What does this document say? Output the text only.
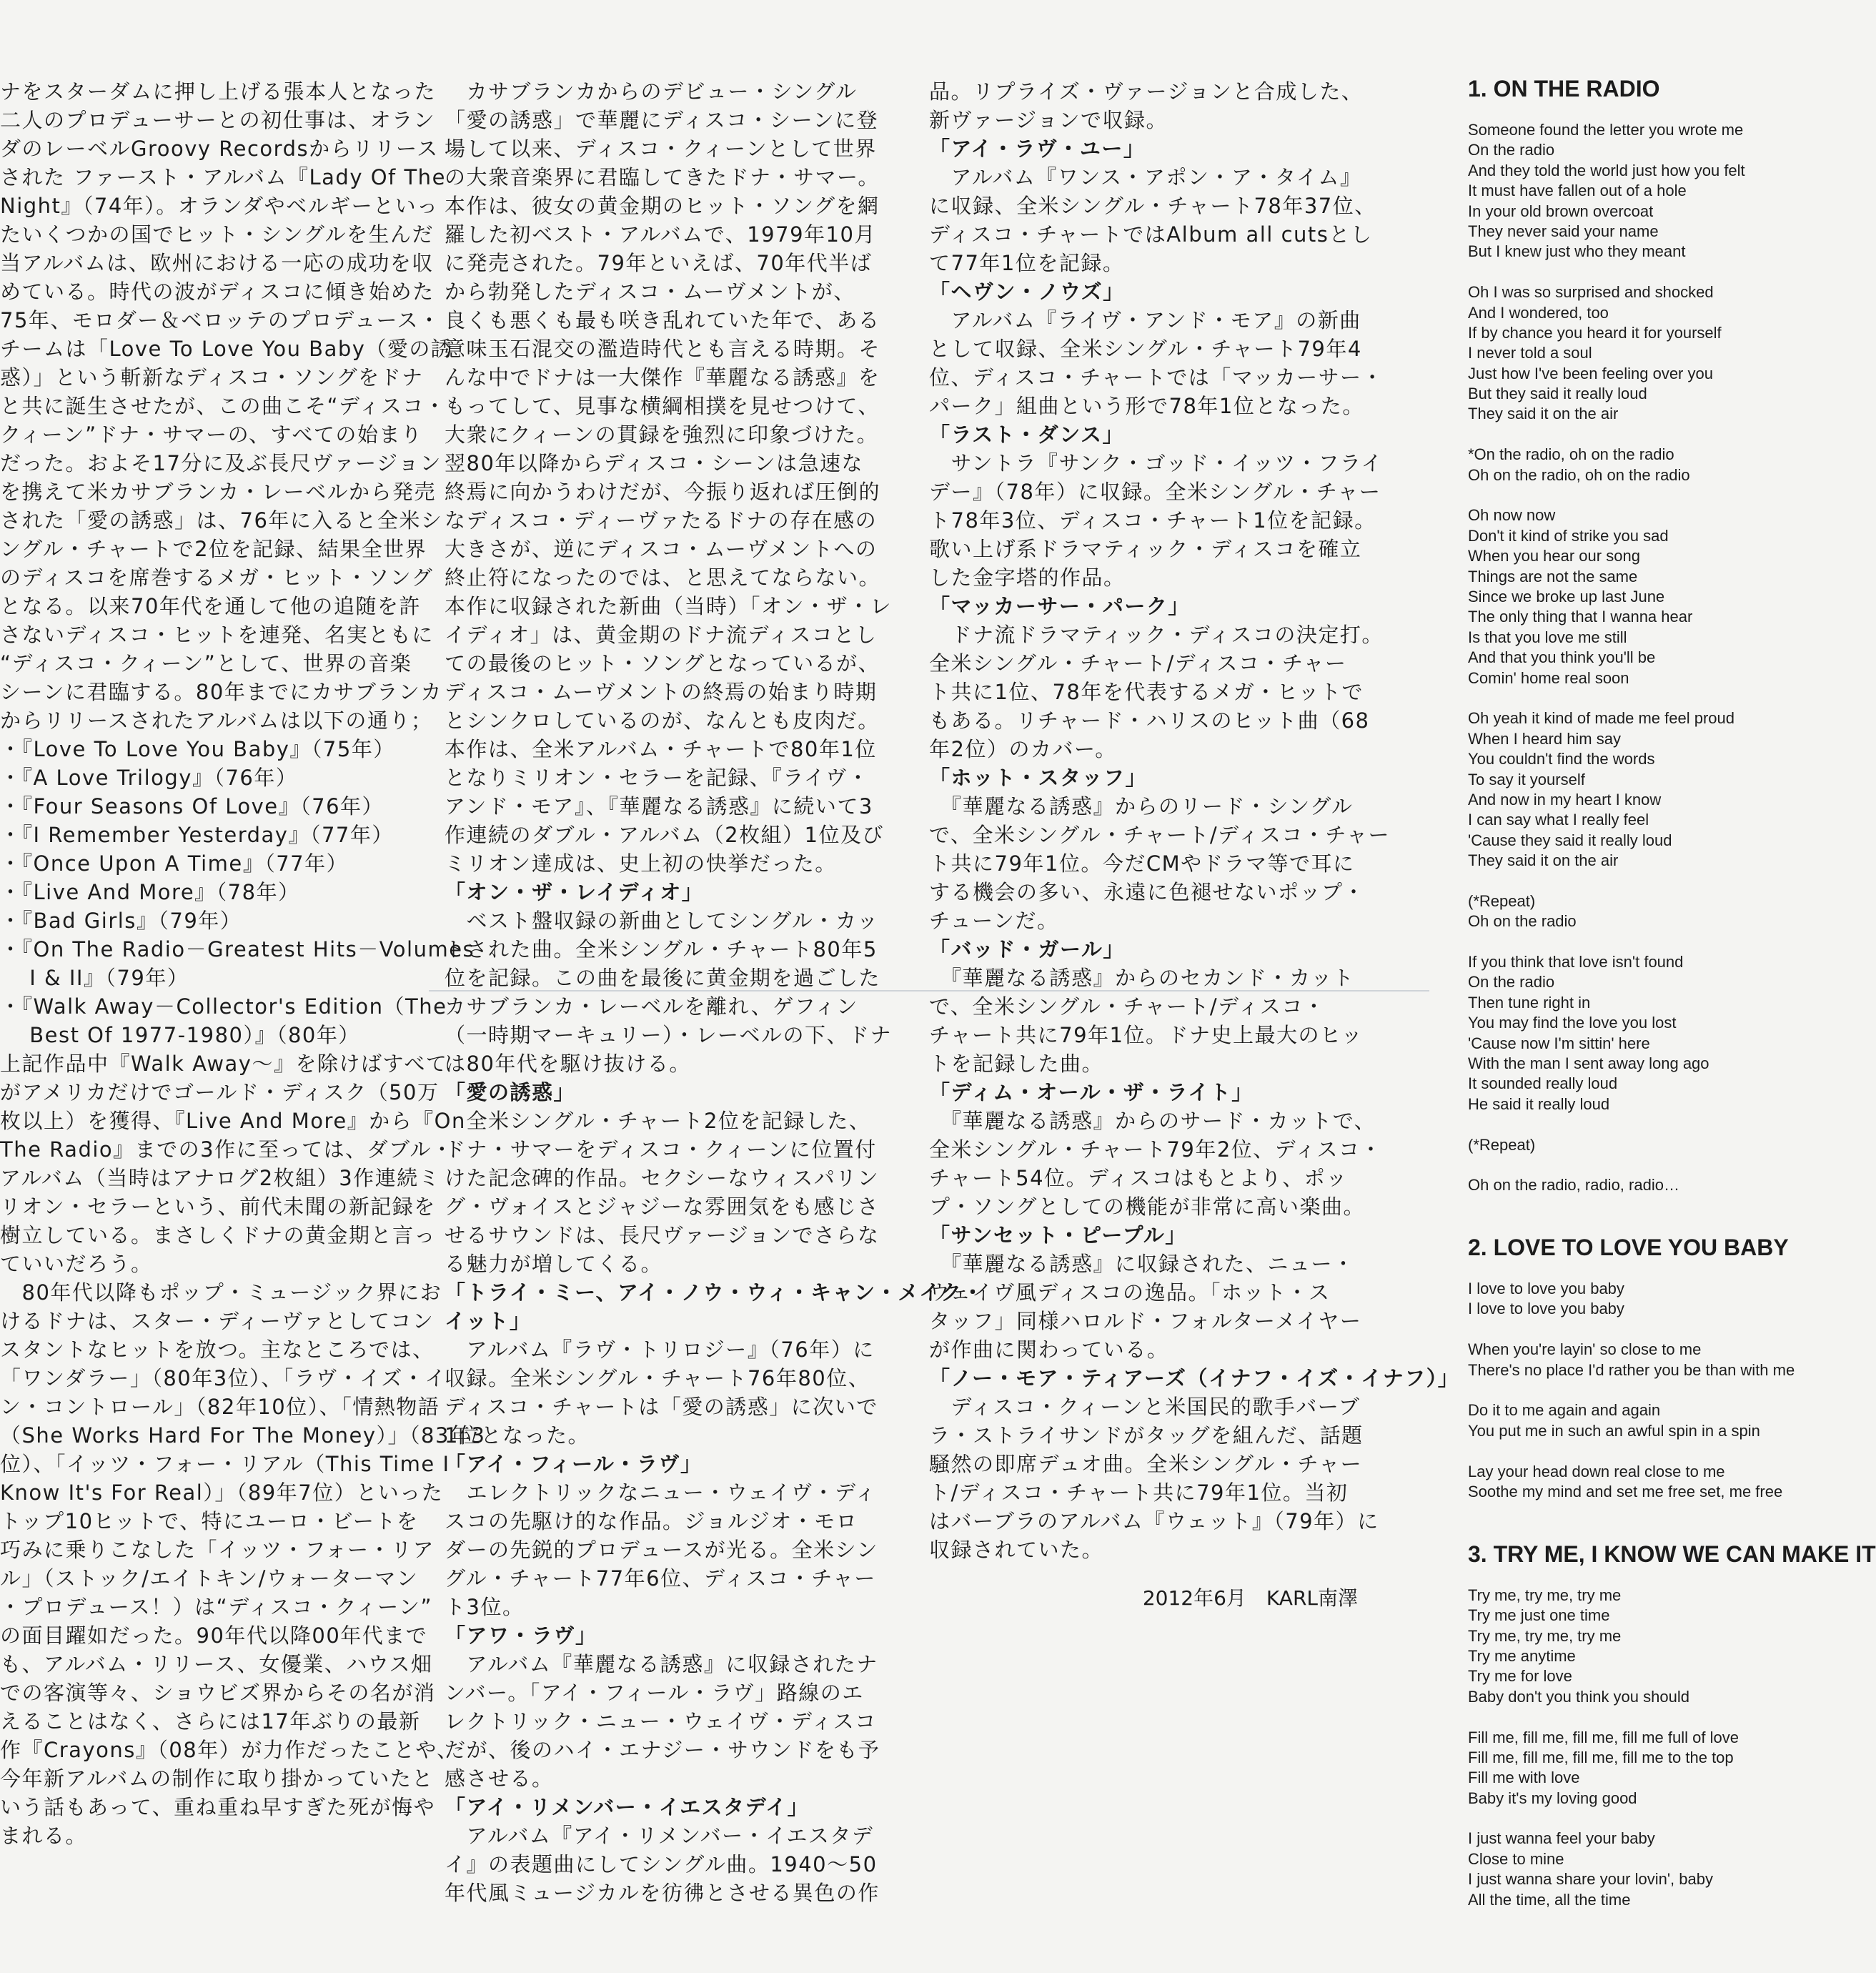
ナをスターダムに押し上げる張本人となった

二人のプロデューサーとの初仕事は、オラン

ダのレーベルGroovy Recordsからリリース

された ファースト・アルバム『Lady Of The

Night』（74年）。オランダやベルギーといっ

たいくつかの国でヒット・シングルを生んだ

当アルバムは、欧州における一応の成功を収

めている。時代の波がディスコに傾き始めた

75年、モロダー＆ベロッテのプロデュース・

チームは「Love To Love You Baby（愛の誘

惑）」という斬新なディスコ・ソングをドナ

と共に誕生させたが、この曲こそ“ディスコ・

クィーン”ドナ・サマーの、すべての始まり

だった。およそ17分に及ぶ長尺ヴァージョン

を携えて米カサブランカ・レーベルから発売

された「愛の誘惑」は、76年に入ると全米シ

ングル・チャートで2位を記録、結果全世界

のディスコを席巻するメガ・ヒット・ソング

となる。以来70年代を通して他の追随を許

さないディスコ・ヒットを連発、名実ともに

“ディスコ・クィーン”として、世界の音楽

シーンに君臨する。80年までにカサブランカ

からリリースされたアルバムは以下の通り；

・『Love To Love You Baby』（75年）

・『A Love Trilogy』（76年）

・『Four Seasons Of Love』（76年）

・『I Remember Yesterday』（77年）

・『Once Upon A Time』（77年）

・『Live And More』（78年）

・『Bad Girls』（79年）

・『On The Radio－Greatest Hits－Volumes

　 I & II』（79年）

・『Walk Away－Collector's Edition（The

　 Best Of 1977-1980）』（80年）

上記作品中『Walk Away～』を除けばすべて

がアメリカだけでゴールド・ディスク（50万

枚以上）を獲得、『Live And More』から『On

The Radio』までの3作に至っては、ダブル・

アルバム（当時はアナログ2枚組）3作連続ミ

リオン・セラーという、前代未聞の新記録を

樹立している。まさしくドナの黄金期と言っ

ていいだろう。

　80年代以降もポップ・ミュージック界にお

けるドナは、スター・ディーヴァとしてコン

スタントなヒットを放つ。主なところでは、

「ワンダラー」（80年3位）、「ラヴ・イズ・イ

ン・コントロール」（82年10位）、「情熱物語

（She Works Hard For The Money）」（83年3

位）、「イッツ・フォー・リアル（This Time I

Know It's For Real）」（89年7位）といった

トップ10ヒットで、特にユーロ・ビートを

巧みに乗りこなした「イッツ・フォー・リア

ル」（ストック/エイトキン/ウォーターマン

・プロデュース！）は“ディスコ・クィーン”

の面目躍如だった。90年代以降00年代まで

も、アルバム・リリース、女優業、ハウス畑

での客演等々、ショウビズ界からその名が消

えることはなく、さらには17年ぶりの最新

作『Crayons』（08年）が力作だったことや、

今年新アルバムの制作に取り掛かっていたと

いう話もあって、重ね重ね早すぎた死が悔や

まれる。

　カサブランカからのデビュー・シングル

「愛の誘惑」で華麗にディスコ・シーンに登

場して以来、ディスコ・クィーンとして世界

の大衆音楽界に君臨してきたドナ・サマー。

本作は、彼女の黄金期のヒット・ソングを網

羅した初ベスト・アルバムで、1979年10月

に発売された。79年といえば、70年代半ば

から勃発したディスコ・ムーヴメントが、

良くも悪くも最も咲き乱れていた年で、ある

意味玉石混交の濫造時代とも言える時期。そ

んな中でドナは一大傑作『華麗なる誘惑』を

もってして、見事な横綱相撲を見せつけて、

大衆にクィーンの貫録を強烈に印象づけた。

翌80年以降からディスコ・シーンは急速な

終焉に向かうわけだが、今振り返れば圧倒的

なディスコ・ディーヴァたるドナの存在感の

大きさが、逆にディスコ・ムーヴメントへの

終止符になったのでは、と思えてならない。

本作に収録された新曲（当時）「オン・ザ・レ

イディオ」は、黄金期のドナ流ディスコとし

ての最後のヒット・ソングとなっているが、

ディスコ・ムーヴメントの終焉の始まり時期

とシンクロしているのが、なんとも皮肉だ。

本作は、全米アルバム・チャートで80年1位

となりミリオン・セラーを記録、『ライヴ・

アンド・モア』、『華麗なる誘惑』に続いて3

作連続のダブル・アルバム（2枚組）1位及び

ミリオン達成は、史上初の快挙だった。

「オン・ザ・レイディオ」

　ベスト盤収録の新曲としてシングル・カッ

トされた曲。全米シングル・チャート80年5

位を記録。この曲を最後に黄金期を過ごした

カサブランカ・レーベルを離れ、ゲフィン

（一時期マーキュリー）・レーベルの下、ドナ

は80年代を駆け抜ける。

「愛の誘惑」

　全米シングル・チャート2位を記録した、

ドナ・サマーをディスコ・クィーンに位置付

けた記念碑的作品。セクシーなウィスパリン

グ・ヴォイスとジャジーな雰囲気をも感じさ

せるサウンドは、長尺ヴァージョンでさらな

る魅力が増してくる。

「トライ・ミー、アイ・ノウ・ウィ・キャン・メイク・

イット」

　アルバム『ラヴ・トリロジー』（76年）に

収録。全米シングル・チャート76年80位、

ディスコ・チャートは「愛の誘惑」に次いで

1位となった。

「アイ・フィール・ラヴ」

　エレクトリックなニュー・ウェイヴ・ディ

スコの先駆け的な作品。ジョルジオ・モロ

ダーの先鋭的プロデュースが光る。全米シン

グル・チャート77年6位、ディスコ・チャー

ト3位。

「アワ・ラヴ」

　アルバム『華麗なる誘惑』に収録されたナ

ンバー。「アイ・フィール・ラヴ」路線のエ

レクトリック・ニュー・ウェイヴ・ディスコ

だが、後のハイ・エナジー・サウンドをも予

感させる。

「アイ・リメンバー・イエスタデイ」

　アルバム『アイ・リメンバー・イエスタデ

イ』の表題曲にしてシングル曲。1940～50

年代風ミュージカルを彷彿とさせる異色の作

品。リプライズ・ヴァージョンと合成した、

新ヴァージョンで収録。

「アイ・ラヴ・ユー」

　アルバム『ワンス・アポン・ア・タイム』

に収録、全米シングル・チャート78年37位、

ディスコ・チャートではAlbum all cutsとし

て77年1位を記録。

「ヘヴン・ノウズ」

　アルバム『ライヴ・アンド・モア』の新曲

として収録、全米シングル・チャート79年4

位、ディスコ・チャートでは「マッカーサー・

パーク」組曲という形で78年1位となった。

「ラスト・ダンス」

　サントラ『サンク・ゴッド・イッツ・フライ

デー』（78年）に収録。全米シングル・チャー

ト78年3位、ディスコ・チャート1位を記録。

歌い上げ系ドラマティック・ディスコを確立

した金字塔的作品。

「マッカーサー・パーク」

　ドナ流ドラマティック・ディスコの決定打。

全米シングル・チャート/ディスコ・チャー

ト共に1位、78年を代表するメガ・ヒットで

もある。リチャード・ハリスのヒット曲（68

年2位）のカバー。

「ホット・スタッフ」

　『華麗なる誘惑』からのリード・シングル

で、全米シングル・チャート/ディスコ・チャー

ト共に79年1位。今だCMやドラマ等で耳に

する機会の多い、永遠に色褪せないポップ・

チューンだ。

「バッド・ガール」

　『華麗なる誘惑』からのセカンド・カット

で、全米シングル・チャート/ディスコ・

チャート共に79年1位。ドナ史上最大のヒッ

トを記録した曲。

「ディム・オール・ザ・ライト」

　『華麗なる誘惑』からのサード・カットで、

全米シングル・チャート79年2位、ディスコ・

チャート54位。ディスコはもとより、ポッ

プ・ソングとしての機能が非常に高い楽曲。

「サンセット・ピープル」

　『華麗なる誘惑』に収録された、ニュー・

ウェイヴ風ディスコの逸品。「ホット・ス

タッフ」同様ハロルド・フォルターメイヤー

が作曲に関わっている。

「ノー・モア・ティアーズ（イナフ・イズ・イナフ）」

　ディスコ・クィーンと米国民的歌手バーブ

ラ・ストライサンドがタッグを組んだ、話題

騒然の即席デュオ曲。全米シングル・チャー

ト/ディスコ・チャート共に79年1位。当初

はバーブラのアルバム『ウェット』（79年）に

収録されていた。

2012年6月　KARL南澤
1. ON THE RADIO
Someone found the letter you wrote me
On the radio
And they told the world just how you felt
It must have fallen out of a hole
In your old brown overcoat
They never said your name
But I knew just who they meant
Oh I was so surprised and shocked
And I wondered, too
If by chance you heard it for yourself
I never told a soul
Just how I've been feeling over you
But they said it really loud
They said it on the air
*On the radio, oh on the radio
Oh on the radio, oh on the radio
Oh now now
Don't it kind of strike you sad
When you hear our song
Things are not the same
Since we broke up last June
The only thing that I wanna hear
Is that you love me still
And that you think you'll be
Comin' home real soon
Oh yeah it kind of made me feel proud
When I heard him say
You couldn't find the words
To say it yourself
And now in my heart I know
I can say what I really feel
'Cause they said it really loud
They said it on the air
(*Repeat)
Oh on the radio
If you think that love isn't found
On the radio
Then tune right in
You may find the love you lost
'Cause now I'm sittin' here
With the man I sent away long ago
It sounded really loud
He said it really loud
(*Repeat)
Oh on the radio, radio, radio…
2. LOVE TO LOVE YOU BABY
I love to love you baby
I love to love you baby
When you're layin' so close to me
There's no place I'd rather you be than with me
Do it to me again and again
You put me in such an awful spin in a spin
Lay your head down real close to me
Soothe my mind and set me free set, me free
3. TRY ME, I KNOW WE CAN MAKE IT
Try me, try me, try me
Try me just one time
Try me, try me, try me
Try me anytime
Try me for love
Baby don't you think you should
Fill me, fill me, fill me, fill me full of love
Fill me, fill me, fill me, fill me to the top
Fill me with love
Baby it's my loving good
I just wanna feel your baby
Close to mine
I just wanna share your lovin', baby
All the time, all the time
